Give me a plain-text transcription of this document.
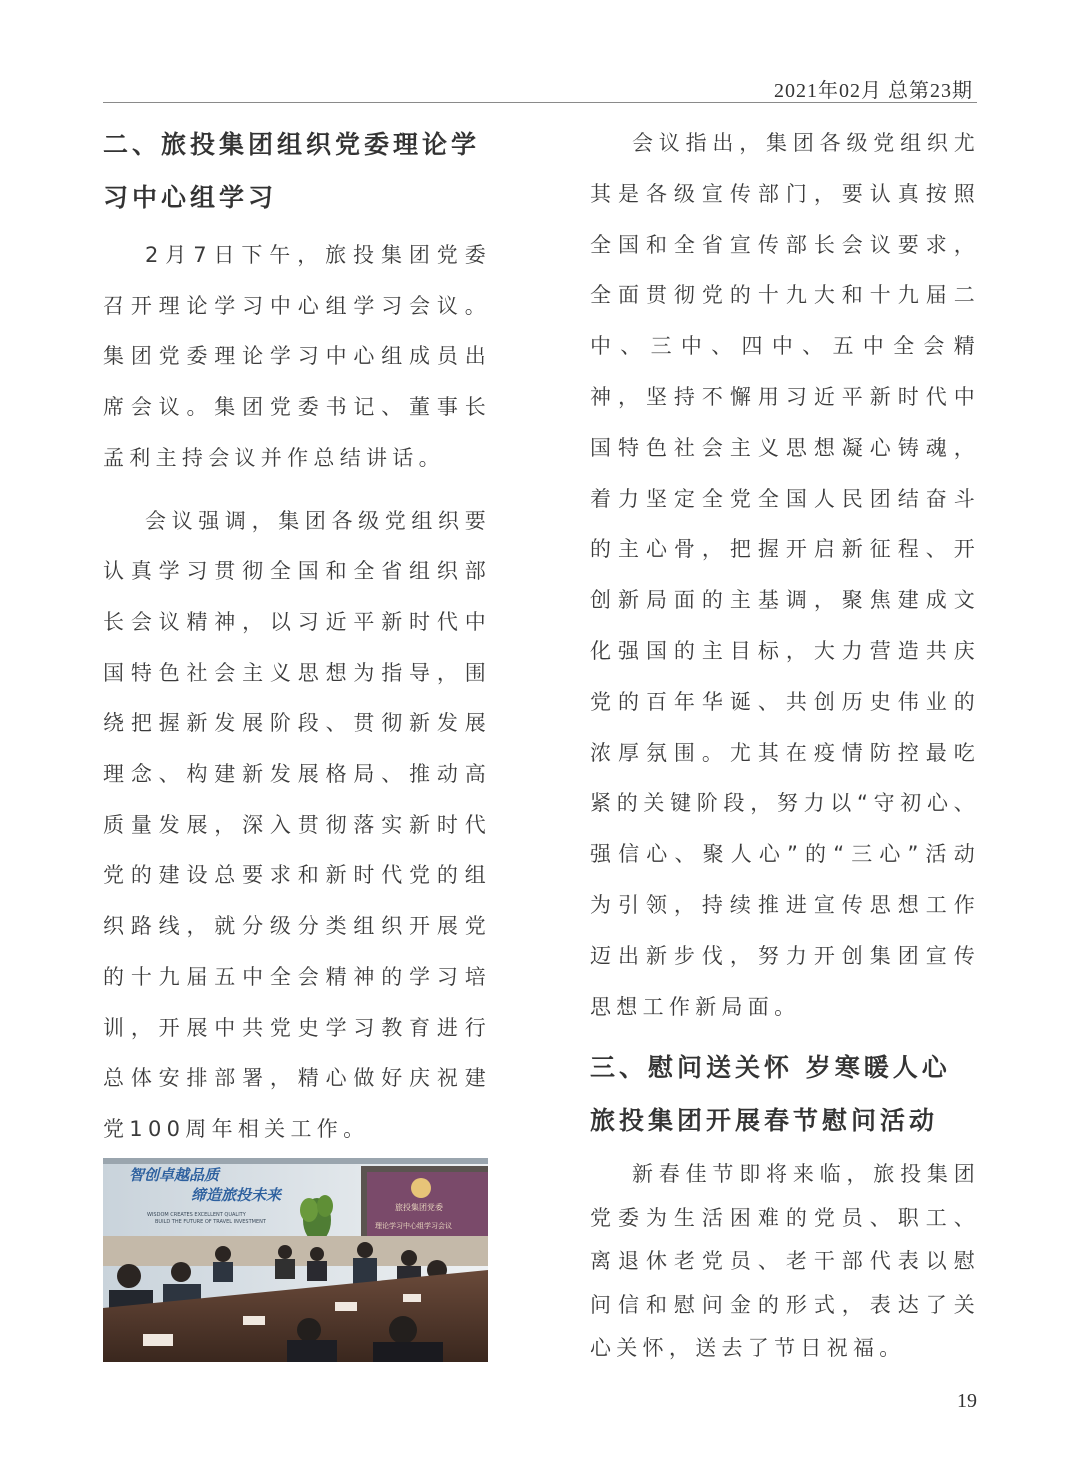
2021年02月 总第23期
二、旅投集团组织党委理论学习中心组学习

2月7日下午，旅投集团党委召开理论学习中心组学习会议。集团党委理论学习中心组成员出席会议。集团党委书记、董事长孟利主持会议并作总结讲话。

会议强调，集团各级党组织要认真学习贯彻全国和全省组织部长会议精神，以习近平新时代中国特色社会主义思想为指导，围绕把握新发展阶段、贯彻新发展理念、构建新发展格局、推动高质量发展，深入贯彻落实新时代党的建设总要求和新时代党的组织路线，就分级分类组织开展党的十九届五中全会精神的学习培训，开展中共党史学习教育进行总体安排部署，精心做好庆祝建党100周年相关工作。

智创卓越品质
缔造旅投未来
WISDOM CREATES EXCELLENT QUALITY
BUILD THE FUTURE OF TRAVEL INVESTMENT
旅投集团党委
理论学习中心组学习会议

会议指出，集团各级党组织尤其是各级宣传部门，要认真按照全国和全省宣传部长会议要求，全面贯彻党的十九大和十九届二中、三中、四中、五中全会精神，坚持不懈用习近平新时代中国特色社会主义思想凝心铸魂，着力坚定全党全国人民团结奋斗的主心骨，把握开启新征程、开创新局面的主基调，聚焦建成文化强国的主目标，大力营造共庆党的百年华诞、共创历史伟业的浓厚氛围。尤其在疫情防控最吃紧的关键阶段，努力以“守初心、强信心、聚人心”的“三心”活动为引领，持续推进宣传思想工作迈出新步伐，努力开创集团宣传思想工作新局面。

三、慰问送关怀 岁寒暖人心 旅投集团开展春节慰问活动

新春佳节即将来临，旅投集团党委为生活困难的党员、职工、离退休老党员、老干部代表以慰问信和慰问金的形式，表达了关心关怀，送去了节日祝福。

19
